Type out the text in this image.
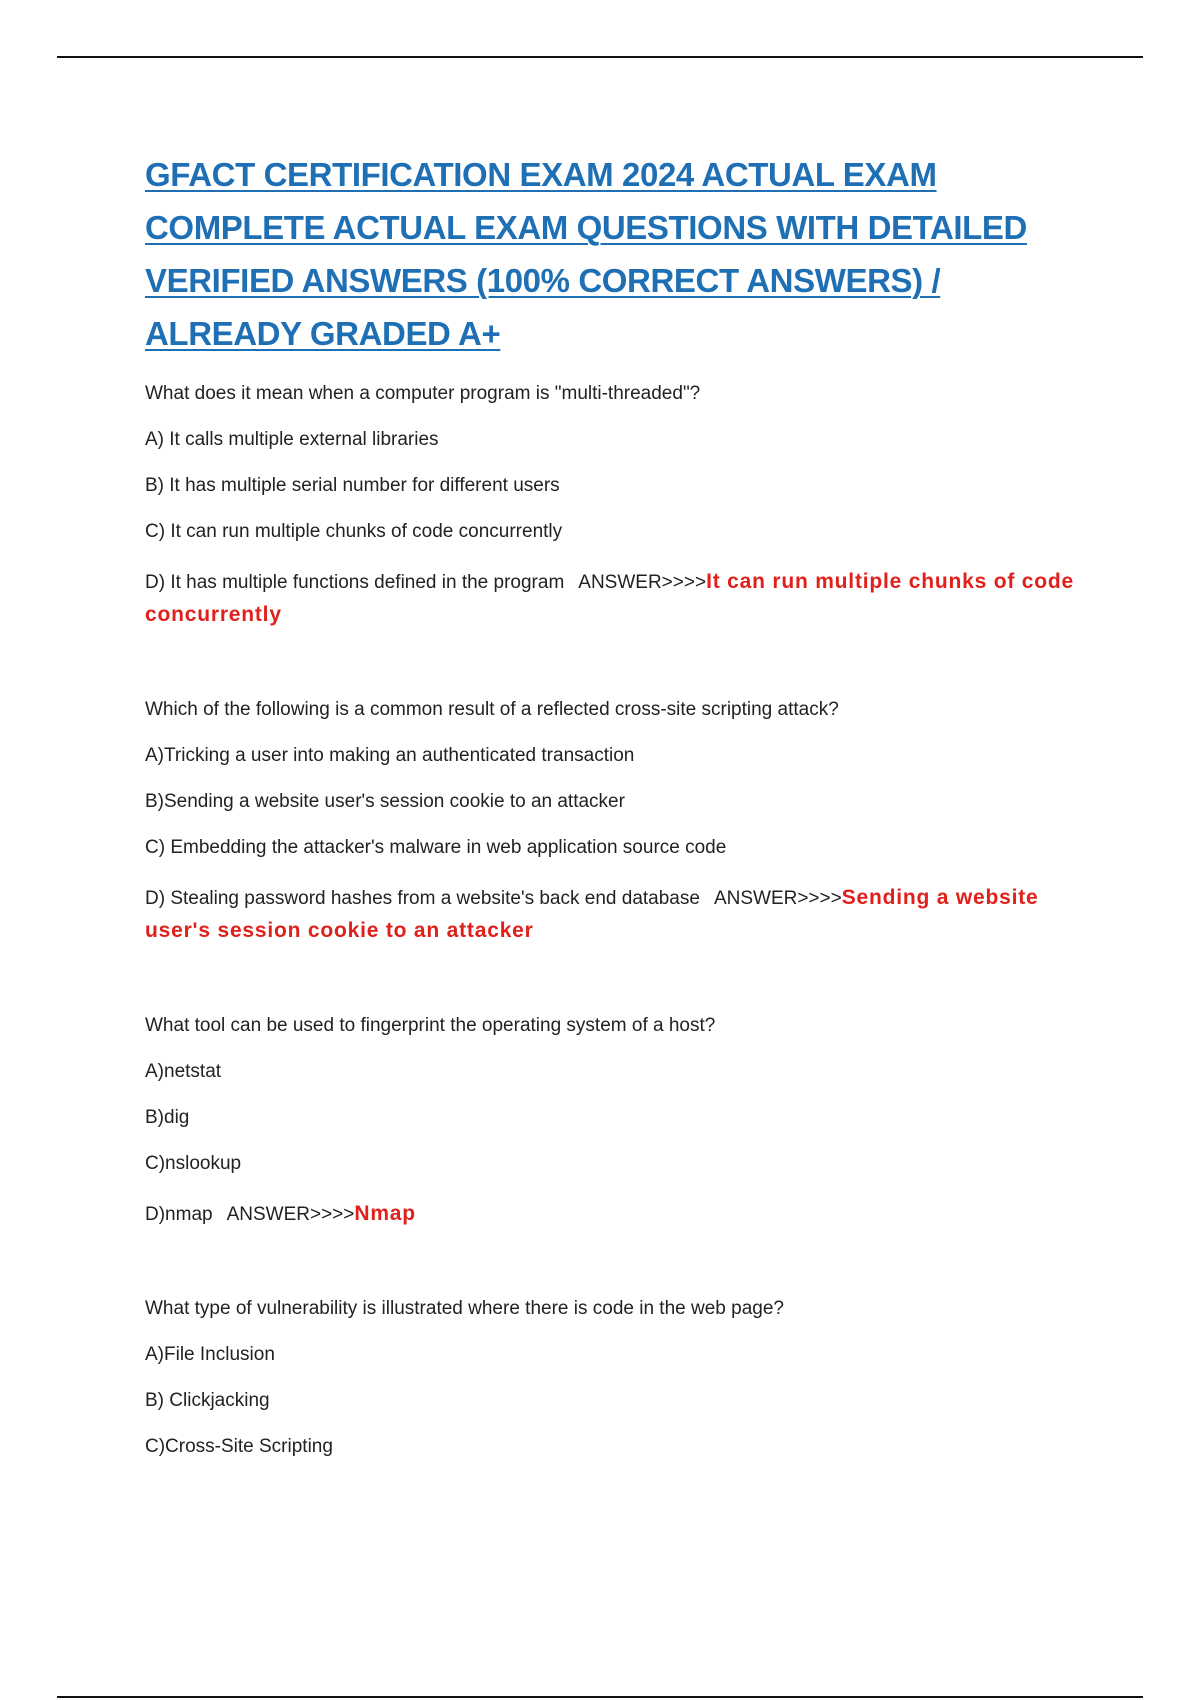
GFACT CERTIFICATION EXAM 2024 ACTUAL EXAM COMPLETE ACTUAL EXAM QUESTIONS WITH DETAILED VERIFIED ANSWERS (100% CORRECT ANSWERS) / ALREADY GRADED A+

What does it mean when a computer program is "multi-threaded"?

A) It calls multiple external libraries

B) It has multiple serial number for different users

C) It can run multiple chunks of code concurrently

D) It has multiple functions defined in the program ANSWER>>>>It can run multiple chunks of code concurrently

Which of the following is a common result of a reflected cross-site scripting attack?

A)Tricking a user into making an authenticated transaction

B)Sending a website user's session cookie to an attacker

C) Embedding the attacker's malware in web application source code

D) Stealing password hashes from a website's back end database ANSWER>>>>Sending a website user's session cookie to an attacker

What tool can be used to fingerprint the operating system of a host?

A)netstat

B)dig

C)nslookup

D)nmap ANSWER>>>>Nmap

What type of vulnerability is illustrated where there is code in the web page?

A)File Inclusion

B) Clickjacking

C)Cross-Site Scripting
